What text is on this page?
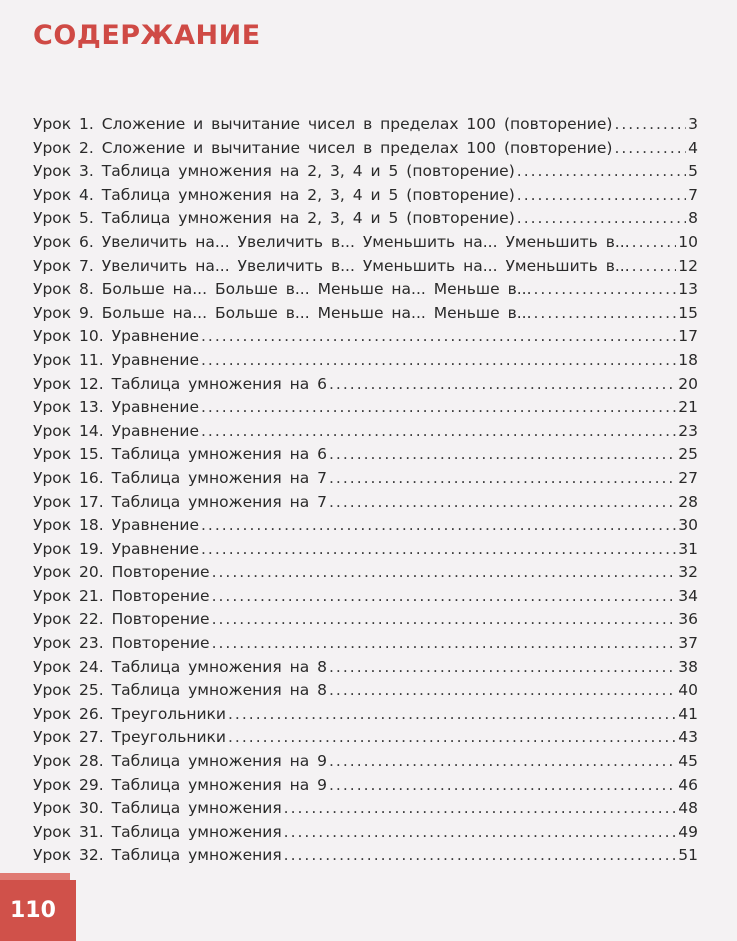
СОДЕРЖАНИЕ
Урок 1. Сложение и вычитание чисел в пределах 100 (повторение) .....	3
Урок 2. Сложение и вычитание чисел в пределах 100 (повторение) .....	4
Урок 3. Таблица умножения на 2, 3, 4 и 5 (повторение) .....	5
Урок 4. Таблица умножения на 2, 3, 4 и 5 (повторение) .....	7
Урок 5. Таблица умножения на 2, 3, 4 и 5 (повторение) .....	8
Урок 6. Увеличить на... Увеличить в... Уменьшить на... Уменьшить в... .....	10
Урок 7. Увеличить на... Увеличить в... Уменьшить на... Уменьшить в... .....	12
Урок 8. Больше на... Больше в... Меньше на... Меньше в... .....	13
Урок 9. Больше на... Больше в... Меньше на... Меньше в... .....	15
Урок 10. Уравнение .....	17
Урок 11. Уравнение .....	18
Урок 12. Таблица умножения на 6 .....	20
Урок 13. Уравнение .....	21
Урок 14. Уравнение .....	23
Урок 15. Таблица умножения на 6 .....	25
Урок 16. Таблица умножения на 7 .....	27
Урок 17. Таблица умножения на 7 .....	28
Урок 18. Уравнение .....	30
Урок 19. Уравнение .....	31
Урок 20. Повторение .....	32
Урок 21. Повторение .....	34
Урок 22. Повторение .....	36
Урок 23. Повторение .....	37
Урок 24. Таблица умножения на 8 .....	38
Урок 25. Таблица умножения на 8 .....	40
Урок 26. Треугольники .....	41
Урок 27. Треугольники .....	43
Урок 28. Таблица умножения на 9 .....	45
Урок 29. Таблица умножения на 9 .....	46
Урок 30. Таблица умножения .....	48
Урок 31. Таблица умножения .....	49
Урок 32. Таблица умножения .....	51
110
